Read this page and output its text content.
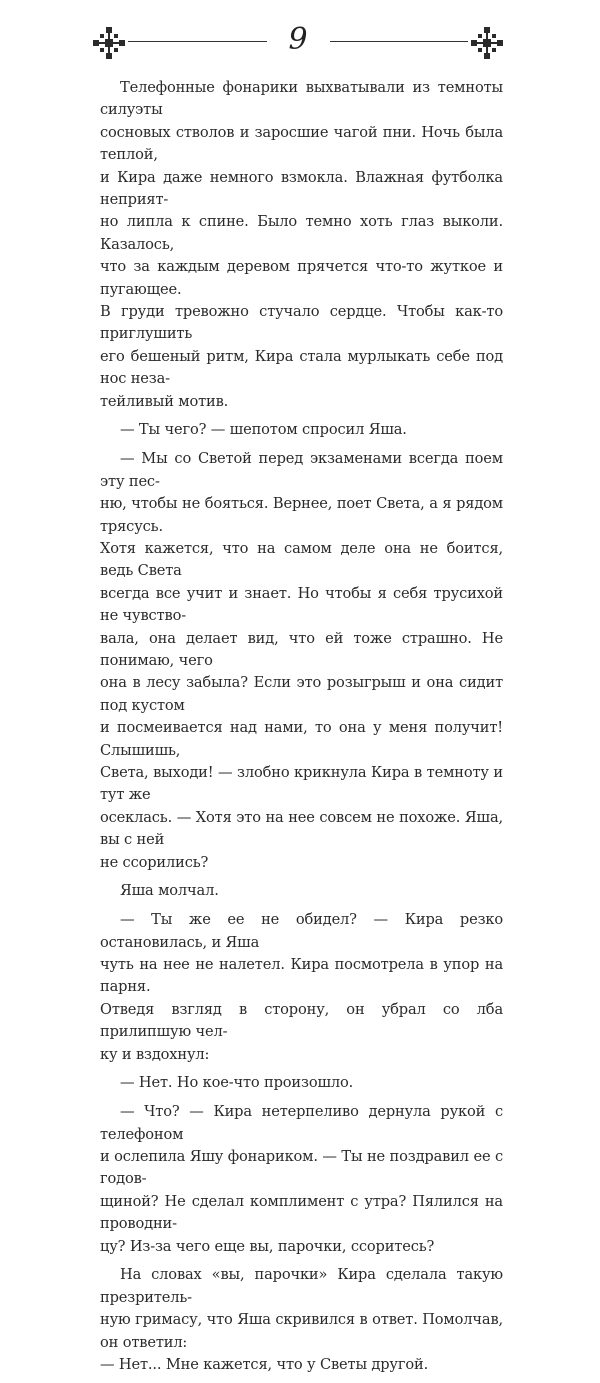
9
Телефонные фонарики выхватывали из темноты силуэты
сосновых стволов и заросшие чагой пни. Ночь была теплой,
и Кира даже немного взмокла. Влажная футболка неприят-
но липла к спине. Было темно хоть глаз выколи. Казалось,
что за каждым деревом прячется что-то жуткое и пугающее.
В груди тревожно стучало сердце. Чтобы как-то приглушить
его бешеный ритм, Кира стала мурлыкать себе под нос неза-
тейливый мотив.
— Ты чего? — шепотом спросил Яша.
— Мы со Светой перед экзаменами всегда поем эту пес-
ню, чтобы не бояться. Вернее, поет Света, а я рядом трясусь.
Хотя кажется, что на самом деле она не боится, ведь Света
всегда все учит и знает. Но чтобы я себя трусихой не чувство-
вала, она делает вид, что ей тоже страшно. Не понимаю, чего
она в лесу забыла? Если это розыгрыш и она сидит под кустом
и посмеивается над нами, то она у меня получит! Слышишь,
Света, выходи! — злобно крикнула Кира в темноту и тут же
осеклась. — Хотя это на нее совсем не похоже. Яша, вы с ней
не ссорились?
Яша молчал.
— Ты же ее не обидел? — Кира резко остановилась, и Яша
чуть на нее не налетел. Кира посмотрела в упор на парня.
Отведя взгляд в сторону, он убрал со лба прилипшую чел-
ку и вздохнул:
— Нет. Но кое-что произошло.
— Что? — Кира нетерпеливо дернула рукой с телефоном
и ослепила Яшу фонариком. — Ты не поздравил ее с годов-
щиной? Не сделал комплимент с утра? Пялился на проводни-
цу? Из-за чего еще вы, парочки, ссоритесь?
На словах «вы, парочки» Кира сделала такую презритель-
ную гримасу, что Яша скривился в ответ. Помолчав, он ответил:
— Нет... Мне кажется, что у Светы другой.
